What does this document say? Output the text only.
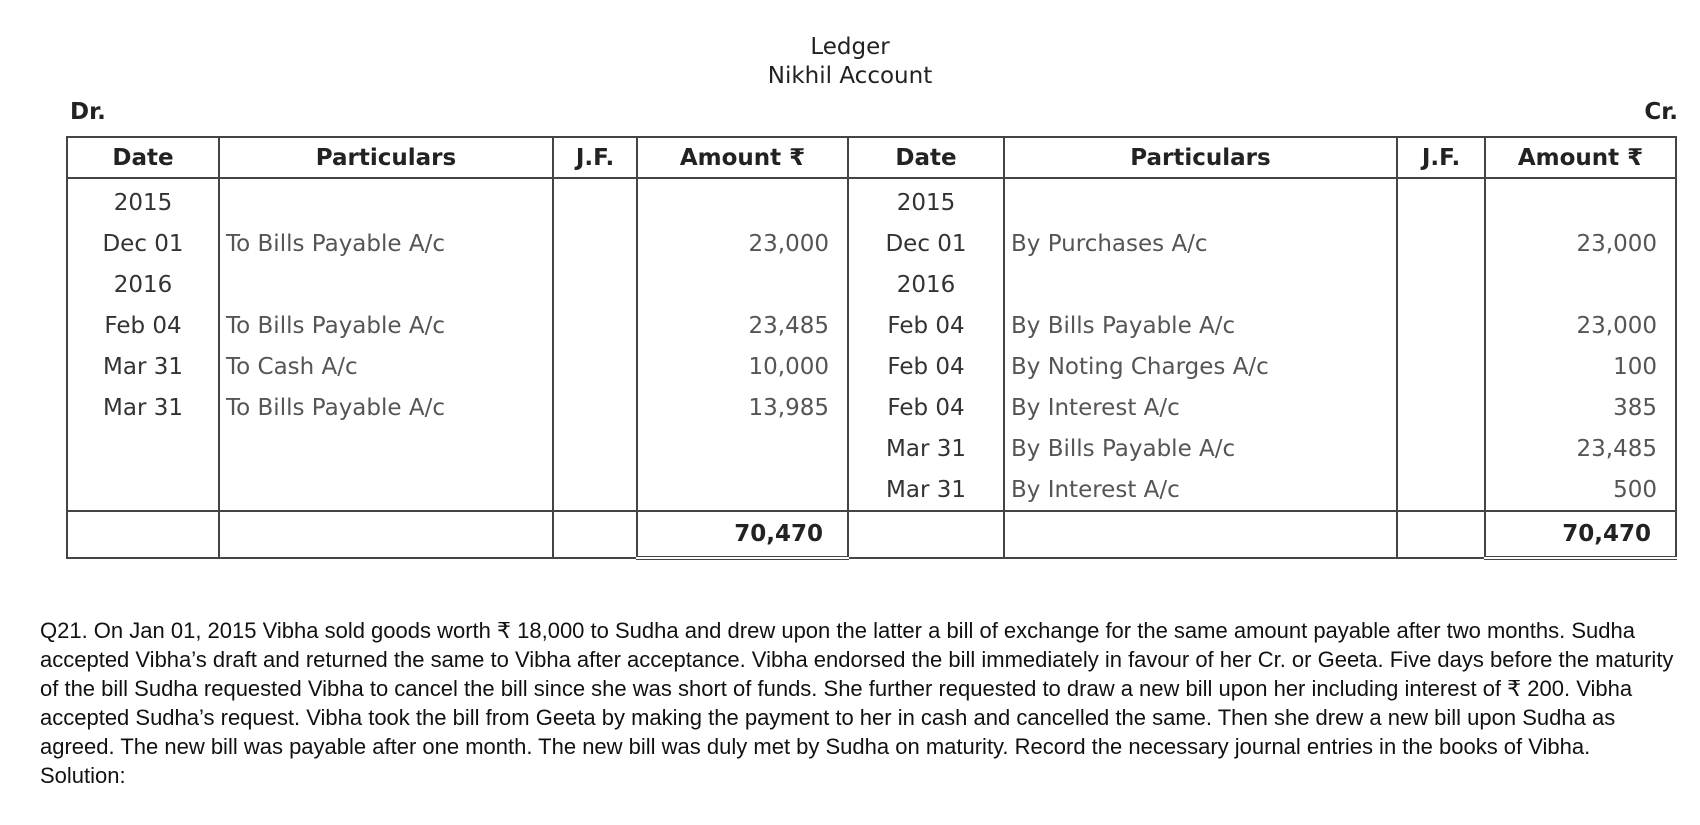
Ledger
Nikhil Account
Dr.	Cr.
Date	Particulars	J.F.	Amount ₹	Date	Particulars	J.F.	Amount ₹
2015				2015			
Dec 01	To Bills Payable A/c		23,000	Dec 01	By Purchases A/c		23,000
2016				2016			
Feb 04	To Bills Payable A/c		23,485	Feb 04	By Bills Payable A/c		23,000
Mar 31	To Cash A/c		10,000	Feb 04	By Noting Charges A/c		100
Mar 31	To Bills Payable A/c		13,985	Feb 04	By Interest A/c		385
				Mar 31	By Bills Payable A/c		23,485
				Mar 31	By Interest A/c		500
			70,470				70,470

Q21. On Jan 01, 2015 Vibha sold goods worth ₹ 18,000 to Sudha and drew upon the latter a bill of exchange for the same amount payable after two months. Sudha accepted Vibha’s draft and returned the same to Vibha after acceptance. Vibha endorsed the bill immediately in favour of her Cr. or Geeta. Five days before the maturity of the bill Sudha requested Vibha to cancel the bill since she was short of funds. She further requested to draw a new bill upon her including interest of ₹ 200. Vibha accepted Sudha’s request. Vibha took the bill from Geeta by making the payment to her in cash and cancelled the same. Then she drew a new bill upon Sudha as agreed. The new bill was payable after one month. The new bill was duly met by Sudha on maturity. Record the necessary journal entries in the books of Vibha.

Solution:
